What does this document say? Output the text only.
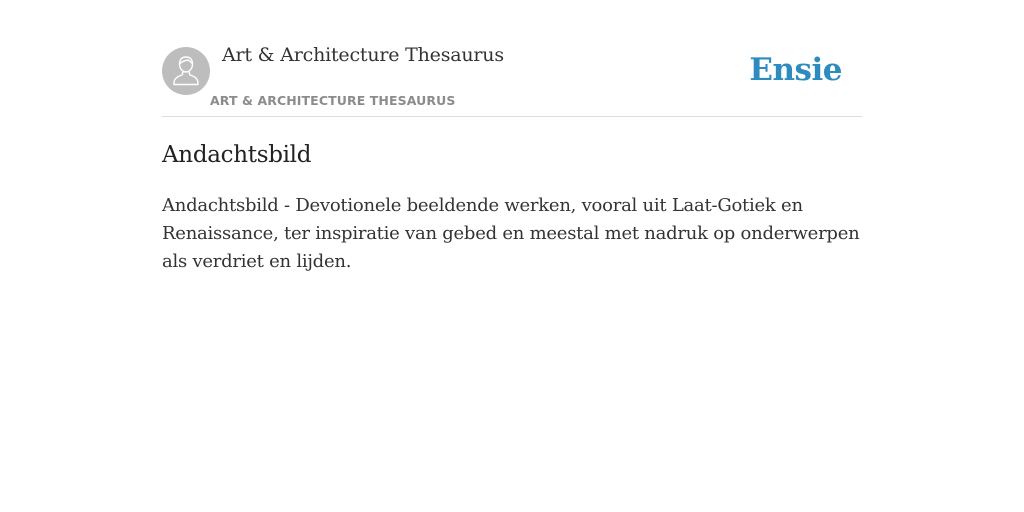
Art & Architecture Thesaurus
ART & ARCHITECTURE THESAURUS
Ensie
Andachtsbild

Andachtsbild - Devotionele beeldende werken, vooral uit Laat-Gotiek en Renaissance, ter inspiratie van gebed en meestal met nadruk op onderwerpen als verdriet en lijden.
